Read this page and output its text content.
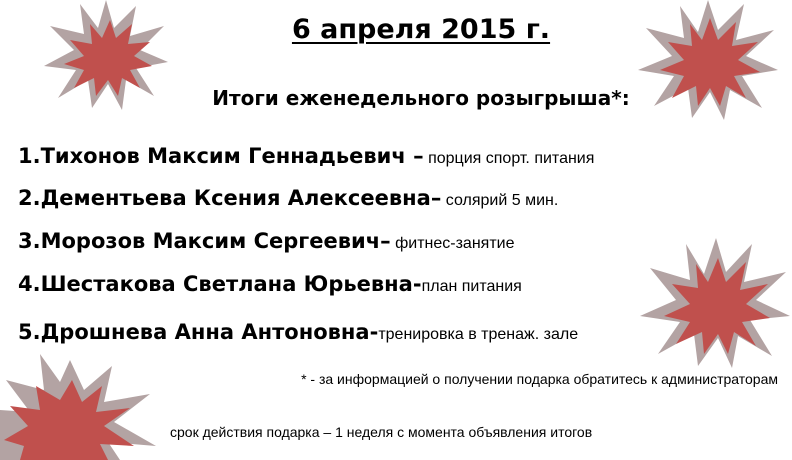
6 апреля 2015 г.
Итоги еженедельного розыгрыша*:
1.Тихонов Максим Геннадьевич – порция спорт. питания
2.Дементьева Ксения Алексеевна– солярий 5 мин.
3.Морозов Максим Сергеевич– фитнес-занятие
4.Шестакова Светлана Юрьевна-план питания
5.Дрошнева Анна Антоновна-тренировка в тренаж. зале
* - за информацией о получении подарка обратитесь к администраторам
срок действия подарка – 1 неделя с момента объявления итогов
